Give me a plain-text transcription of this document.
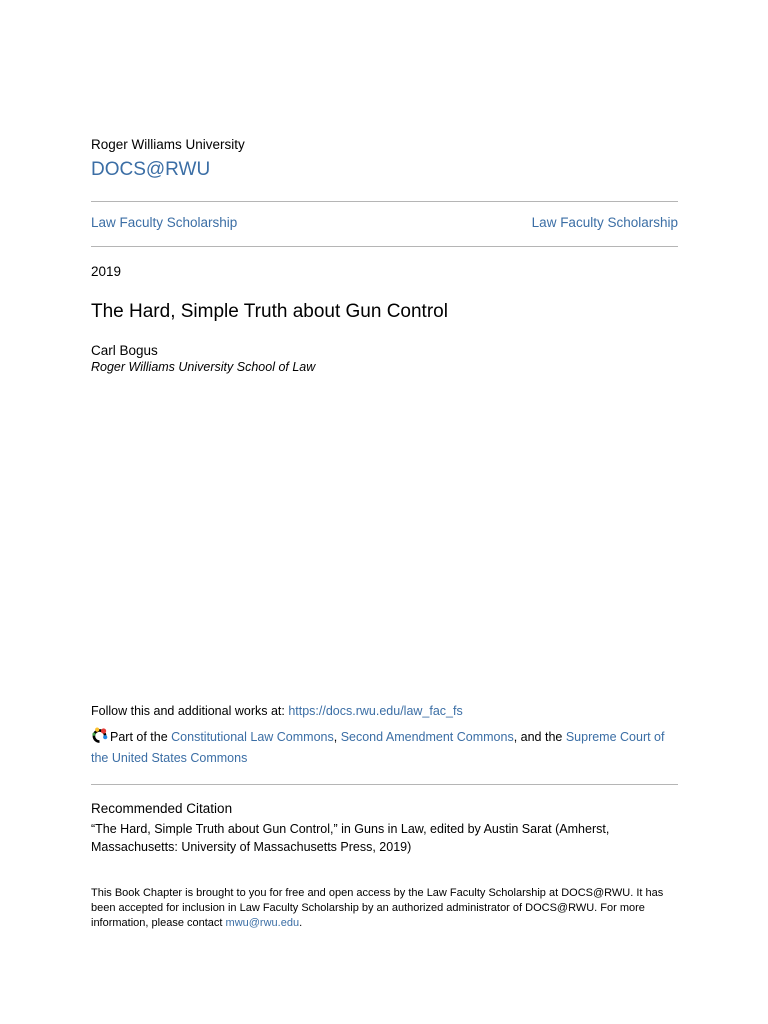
Roger Williams University
DOCS@RWU
Law Faculty Scholarship	Law Faculty Scholarship
2019
The Hard, Simple Truth about Gun Control
Carl Bogus
Roger Williams University School of Law
Follow this and additional works at: https://docs.rwu.edu/law_fac_fs
Part of the Constitutional Law Commons, Second Amendment Commons, and the Supreme Court of the United States Commons
Recommended Citation
“The Hard, Simple Truth about Gun Control,” in Guns in Law, edited by Austin Sarat (Amherst, Massachusetts: University of Massachusetts Press, 2019)
This Book Chapter is brought to you for free and open access by the Law Faculty Scholarship at DOCS@RWU. It has been accepted for inclusion in Law Faculty Scholarship by an authorized administrator of DOCS@RWU. For more information, please contact mwu@rwu.edu.
